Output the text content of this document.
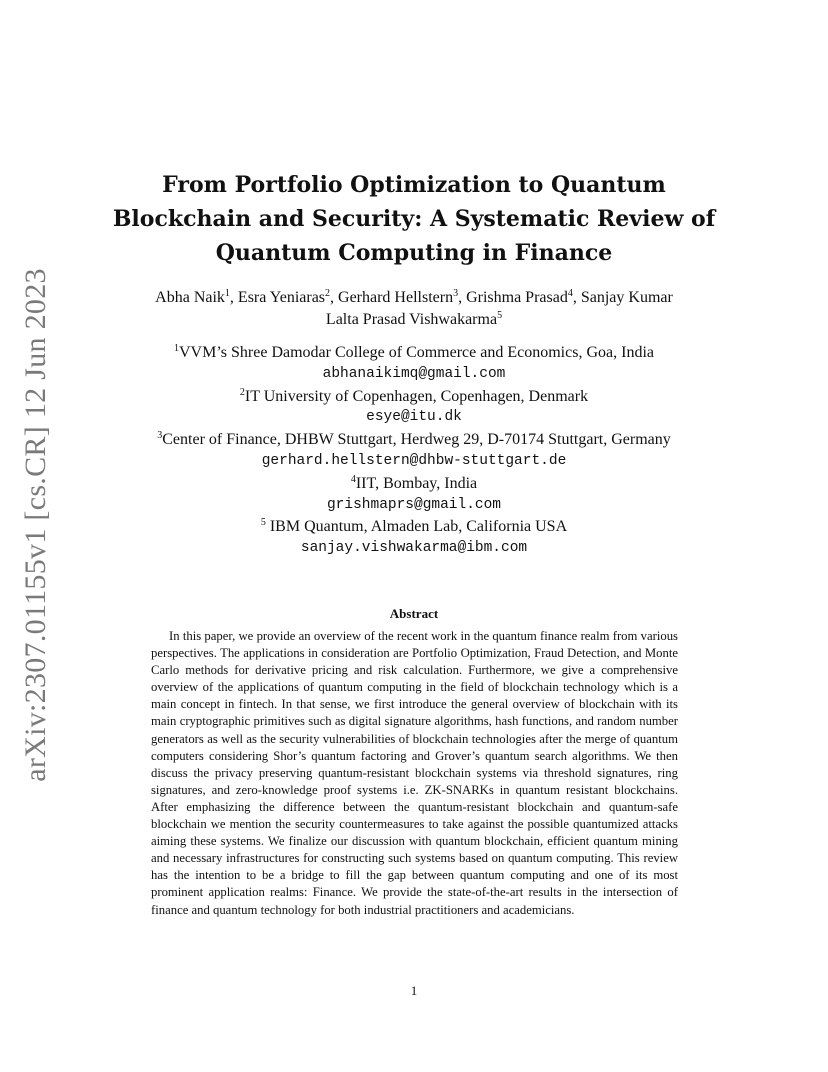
arXiv:2307.01155v1 [cs.CR] 12 Jun 2023
From Portfolio Optimization to Quantum
Blockchain and Security: A Systematic Review of
Quantum Computing in Finance
Abha Naik$^1$, Esra Yeniaras$^2$, Gerhard Hellstern$^3$, Grishma Prasad$^4$, Sanjay Kumar
Lalta Prasad Vishwakarma$^5$
$^1$VVM’s Shree Damodar College of Commerce and Economics, Goa, India
abhanaikimq@gmail.com
$^2$IT University of Copenhagen, Copenhagen, Denmark
esye@itu.dk
$^3$Center of Finance, DHBW Stuttgart, Herdweg 29, D-70174 Stuttgart, Germany
gerhard.hellstern@dhbw-stuttgart.de
$^4$IIT, Bombay, India
grishmaprs@gmail.com
$^5$ IBM Quantum, Almaden Lab, California USA
sanjay.vishwakarma@ibm.com
Abstract
In this paper, we provide an overview of the recent work in the quantum finance realm from various perspectives. The applications in consideration are Portfolio Optimization, Fraud Detection, and Monte Carlo methods for derivative pricing and risk calculation. Furthermore, we give a comprehensive overview of the applications of quantum computing in the field of blockchain technology which is a main concept in fintech. In that sense, we first introduce the general overview of blockchain with its main cryptographic primitives such as digital signature algorithms, hash functions, and random number generators as well as the security vulnerabilities of blockchain technologies after the merge of quantum computers considering Shor’s quantum factoring and Grover’s quantum search algorithms. We then discuss the privacy preserving quantum-resistant blockchain systems via threshold signatures, ring signatures, and zero-knowledge proof systems i.e. ZK-SNARKs in quantum resistant blockchains. After emphasizing the difference between the quantum-resistant blockchain and quantum-safe blockchain we mention the security countermeasures to take against the possible quantumized attacks aiming these systems. We finalize our discussion with quantum blockchain, efficient quantum mining and necessary infrastructures for constructing such systems based on quantum computing. This review has the intention to be a bridge to fill the gap between quantum computing and one of its most prominent application realms: Finance. We provide the state-of-the-art results in the intersection of finance and quantum technology for both industrial practitioners and academicians.
1
